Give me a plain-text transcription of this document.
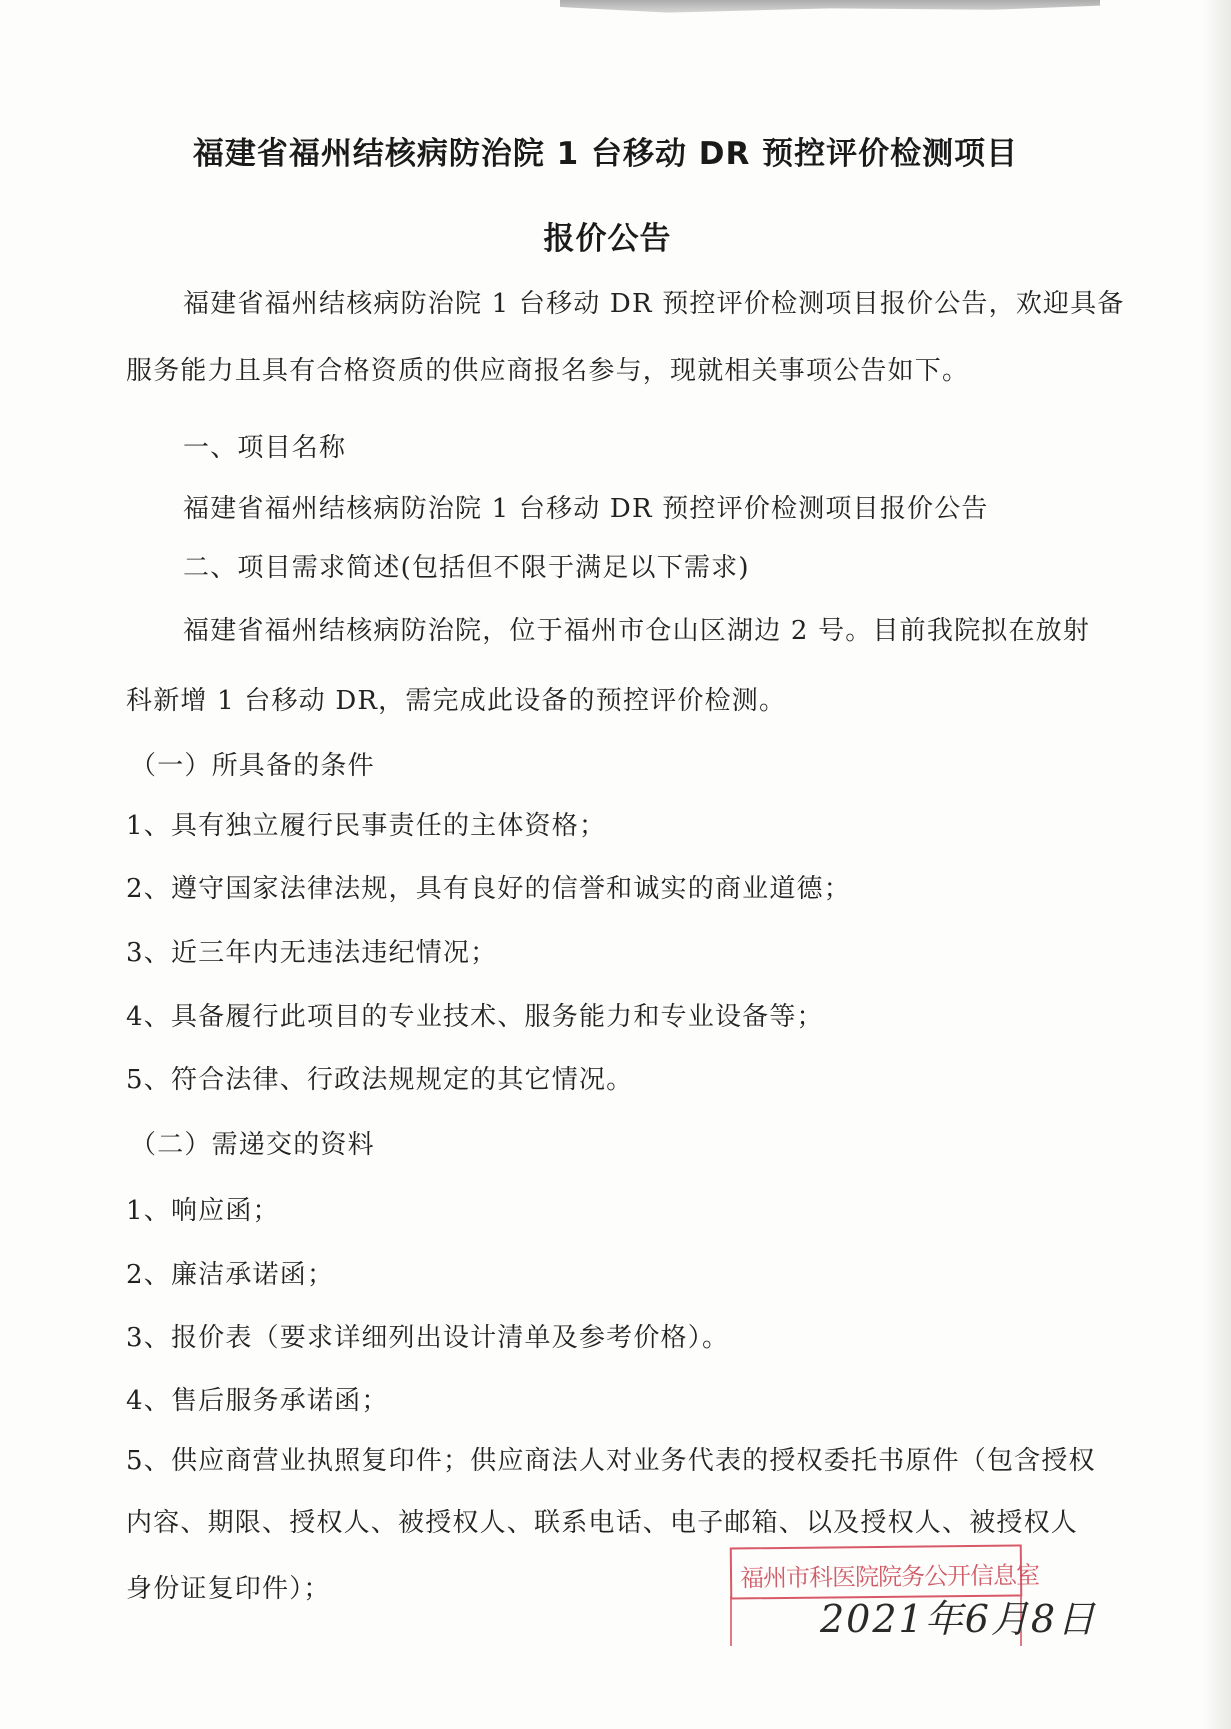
福建省福州结核病防治院 1 台移动 DR 预控评价检测项目
报价公告
福建省福州结核病防治院 1 台移动 DR 预控评价检测项目报价公告，欢迎具备
服务能力且具有合格资质的供应商报名参与，现就相关事项公告如下。
一、项目名称
福建省福州结核病防治院 1 台移动 DR 预控评价检测项目报价公告
二、项目需求简述(包括但不限于满足以下需求)
福建省福州结核病防治院，位于福州市仓山区湖边 2 号。目前我院拟在放射
科新增 1 台移动 DR，需完成此设备的预控评价检测。
（一）所具备的条件
1、具有独立履行民事责任的主体资格；
2、遵守国家法律法规，具有良好的信誉和诚实的商业道德；
3、近三年内无违法违纪情况；
4、具备履行此项目的专业技术、服务能力和专业设备等；
5、符合法律、行政法规规定的其它情况。
（二）需递交的资料
1、响应函；
2、廉洁承诺函；
3、报价表（要求详细列出设计清单及参考价格）。
4、售后服务承诺函；
5、供应商营业执照复印件；供应商法人对业务代表的授权委托书原件（包含授权
内容、期限、授权人、被授权人、联系电话、电子邮箱、以及授权人、被授权人
身份证复印件）；	福州市科医院院务公开信息室
2021年6月8日
